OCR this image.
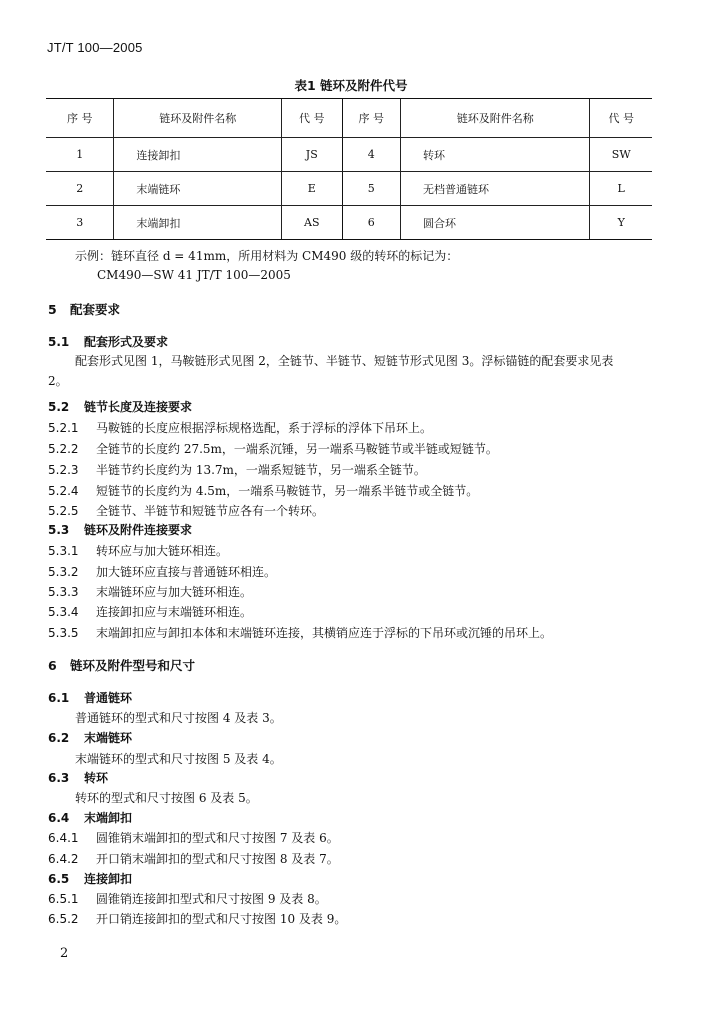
JT/T 100—2005
表1 链环及附件代号
序 号	链环及附件名称	代 号	序 号	链环及附件名称	代 号
1	连接卸扣	JS	4	转环	SW
2	末端链环	E	5	无档普通链环	L
3	末端卸扣	AS	6	圆合环	Y
示例：链环直径 d = 41mm，所用材料为 CM490 级的转环的标记为：
CM490—SW 41 JT/T 100—2005
5 配套要求
5.1 配套形式及要求
配套形式见图 1，马鞍链形式见图 2，全链节、半链节、短链节形式见图 3。浮标锚链的配套要求见表
2。
5.2 链节长度及连接要求
5.2.1 马鞍链的长度应根据浮标规格选配，系于浮标的浮体下吊环上。
5.2.2 全链节的长度约 27.5m，一端系沉锤，另一端系马鞍链节或半链或短链节。
5.2.3 半链节约长度约为 13.7m，一端系短链节，另一端系全链节。
5.2.4 短链节的长度约为 4.5m，一端系马鞍链节，另一端系半链节或全链节。
5.2.5 全链节、半链节和短链节应各有一个转环。
5.3 链环及附件连接要求
5.3.1 转环应与加大链环相连。
5.3.2 加大链环应直接与普通链环相连。
5.3.3 末端链环应与加大链环相连。
5.3.4 连接卸扣应与末端链环相连。
5.3.5 末端卸扣应与卸扣本体和末端链环连接，其横销应连于浮标的下吊环或沉锤的吊环上。
6 链环及附件型号和尺寸
6.1 普通链环
普通链环的型式和尺寸按图 4 及表 3。
6.2 末端链环
末端链环的型式和尺寸按图 5 及表 4。
6.3 转环
转环的型式和尺寸按图 6 及表 5。
6.4 末端卸扣
6.4.1 圆锥销末端卸扣的型式和尺寸按图 7 及表 6。
6.4.2 开口销末端卸扣的型式和尺寸按图 8 及表 7。
6.5 连接卸扣
6.5.1 圆锥销连接卸扣型式和尺寸按图 9 及表 8。
6.5.2 开口销连接卸扣的型式和尺寸按图 10 及表 9。
2
